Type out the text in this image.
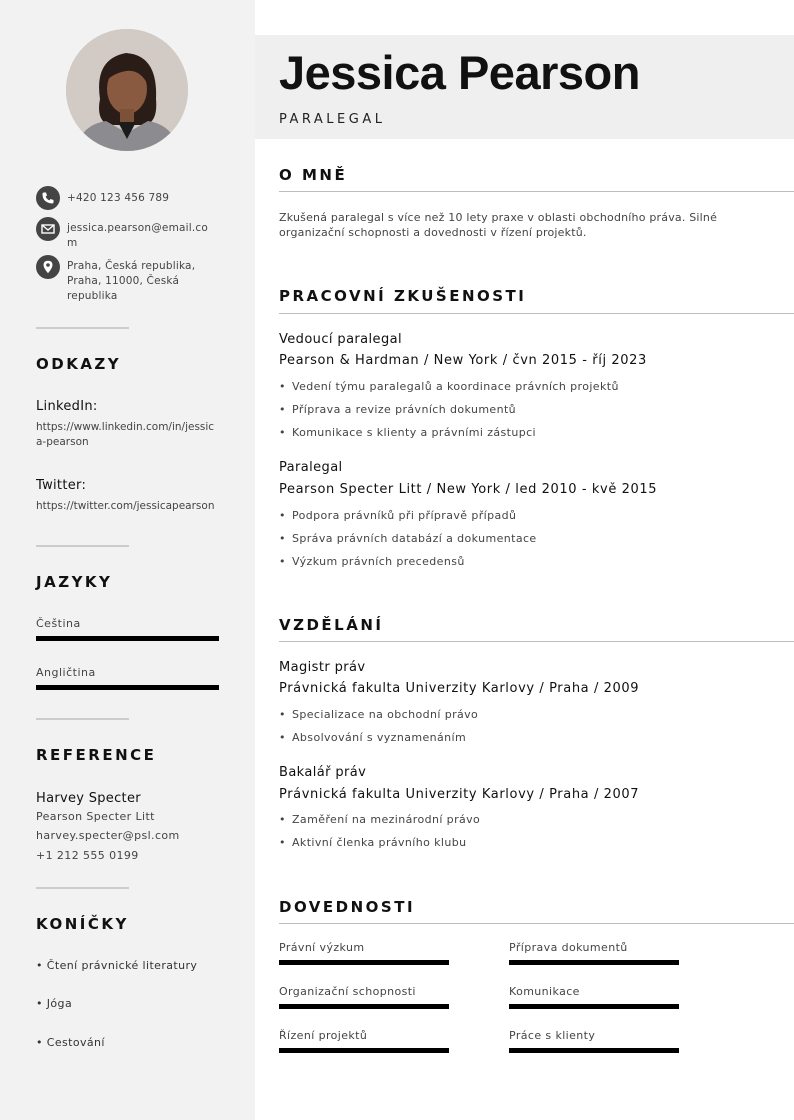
+420 123 456 789
jessica.pearson@email.com
Praha, Česká republika, Praha, 11000, Česká republika
ODKAZY
LinkedIn:
https://www.linkedin.com/in/jessica-pearson
Twitter:
https://twitter.com/jessicapearson
JAZYKY
Čeština
Angličtina
REFERENCE
Harvey Specter
Pearson Specter Litt
harvey.specter@psl.com
+1 212 555 0199
KONÍČKY
• Čtení právnické literatury
• Jóga
• Cestování
Jessica Pearson
PARALEGAL
O MNĚ
Zkušená paralegal s více než 10 lety praxe v oblasti obchodního práva. Silné organizační schopnosti a dovednosti v řízení projektů.
PRACOVNÍ ZKUŠENOSTI
Vedoucí paralegal
Pearson & Hardman / New York / čvn 2015 - říj 2023
• Vedení týmu paralegalů a koordinace právních projektů
• Příprava a revize právních dokumentů
• Komunikace s klienty a právními zástupci
Paralegal
Pearson Specter Litt / New York / led 2010 - kvě 2015
• Podpora právníků při přípravě případů
• Správa právních databází a dokumentace
• Výzkum právních precedensů
VZDĚLÁNÍ
Magistr práv
Právnická fakulta Univerzity Karlovy / Praha / 2009
• Specializace na obchodní právo
• Absolvování s vyznamenáním
Bakalář práv
Právnická fakulta Univerzity Karlovy / Praha / 2007
• Zaměření na mezinárodní právo
• Aktivní členka právního klubu
DOVEDNOSTI
Právní výzkum	Příprava dokumentů
Organizační schopnosti	Komunikace
Řízení projektů	Práce s klienty
